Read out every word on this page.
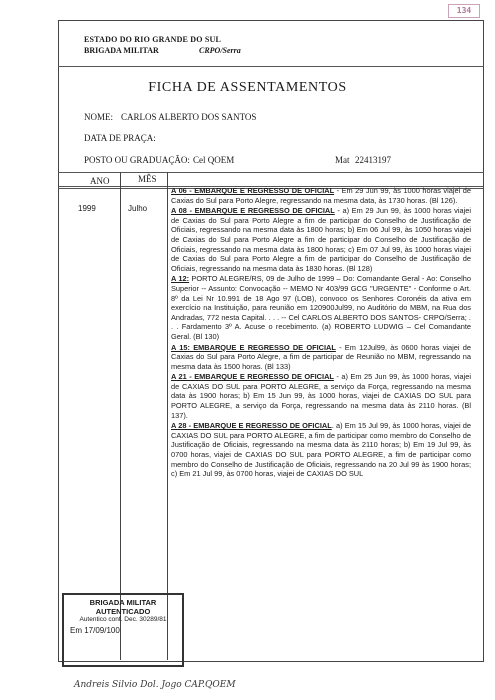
134
ESTADO DO RIO GRANDE DO SUL
BRIGADA MILITAR	CRPO/Serra
FICHA DE ASSENTAMENTOS
NOME: CARLOS ALBERTO DOS SANTOS
DATA DE PRAÇA:
POSTO OU GRADUAÇÃO: Cel QOEM	Mat 22413197
ANO	MÊS
1999	Julho

A 06 - EMBARQUE E REGRESSO DE OFICIAL - Em 29 Jun 99, às 1000 horas viajei de Caxias do Sul para Porto Alegre, regressando na mesma data, às 1730 horas. (Bl 126).

A 08 - EMBARQUE E REGRESSO DE OFICIAL - a) Em 29 Jun 99, às 1000 horas viajei de Caxias do Sul para Porto Alegre a fim de participar do Conselho de Justificação de Oficiais, regressando na mesma data às 1800 horas; b) Em 06 Jul 99, às 1050 horas viajei de Caxias do Sul para Porto Alegre a fim de participar do Conselho de Justificação de Oficiais, regressando na mesma data às 1800 horas; c) Em 07 Jul 99, às 1000 horas viajei de Caxias do Sul para Porto Alegre a fim de participar do Conselho de Justificação de Oficiais, regressando na mesma data às 1830 horas. (Bl 128)

A 12: PORTO ALEGRE/RS, 09 de Julho de 1999 – Do: Comandante Geral - Ao: Conselho Superior -- Assunto: Convocação -- MEMO Nr 403/99 GCG "URGENTE" - Conforme o Art. 8º da Lei Nr 10.991 de 18 Ago 97 (LOB), convoco os Senhores Coronéis da ativa em exercício na Instituição, para reunião em 120900Jul99, no Auditório do MBM, na Rua dos Andradas, 772 nesta Capital. . . . -- Cel CARLOS ALBERTO DOS SANTOS- CRPO/Serra; . . . Fardamento 3º A. Acuse o recebimento. (a) ROBERTO LUDWIG – Cel Comandante Geral. (Bl 130)

A 15: EMBARQUE E REGRESSO DE OFICIAL - Em 12Jul99, às 0600 horas viajei de Caxias do Sul para Porto Alegre, a fim de participar de Reunião no MBM, regressando na mesma data às 1500 horas. (Bl 133)

A 21 - EMBARQUE E REGRESSO DE OFICIAL - a) Em 25 Jun 99, às 1000 horas, viajei de CAXIAS DO SUL para PORTO ALEGRE, a serviço da Força, regressando na mesma data às 1900 horas; b) Em 15 Jun 99, às 1000 horas, viajei de CAXIAS DO SUL para PORTO ALEGRE, a serviço da Força, regressando na mesma data às 2110 horas. (Bl 137).

A 28 - EMBARQUE E REGRESSO DE OFICIAL. a) Em 15 Jul 99, às 1000 horas, viajei de CAXIAS DO SUL para PORTO ALEGRE, a fim de participar como membro do Conselho de Justificação de Oficiais, regressando na mesma data às 2110 horas; b) Em 19 Jul 99, às 0700 horas, viajei de CAXIAS DO SUL para PORTO ALEGRE, a fim de participar como membro do Conselho de Justificação de Oficiais, regressando na 20 Jul 99 às 1900 horas; c) Em 21 Jul 99, às 0700 horas, viajei de CAXIAS DO SUL

BRIGADA MILITAR
AUTENTICADO
Autentico conf. Dec. 30289/81
Em 17/09/100
Andreis Silvio Dol. Jogo CAP.QOEM
